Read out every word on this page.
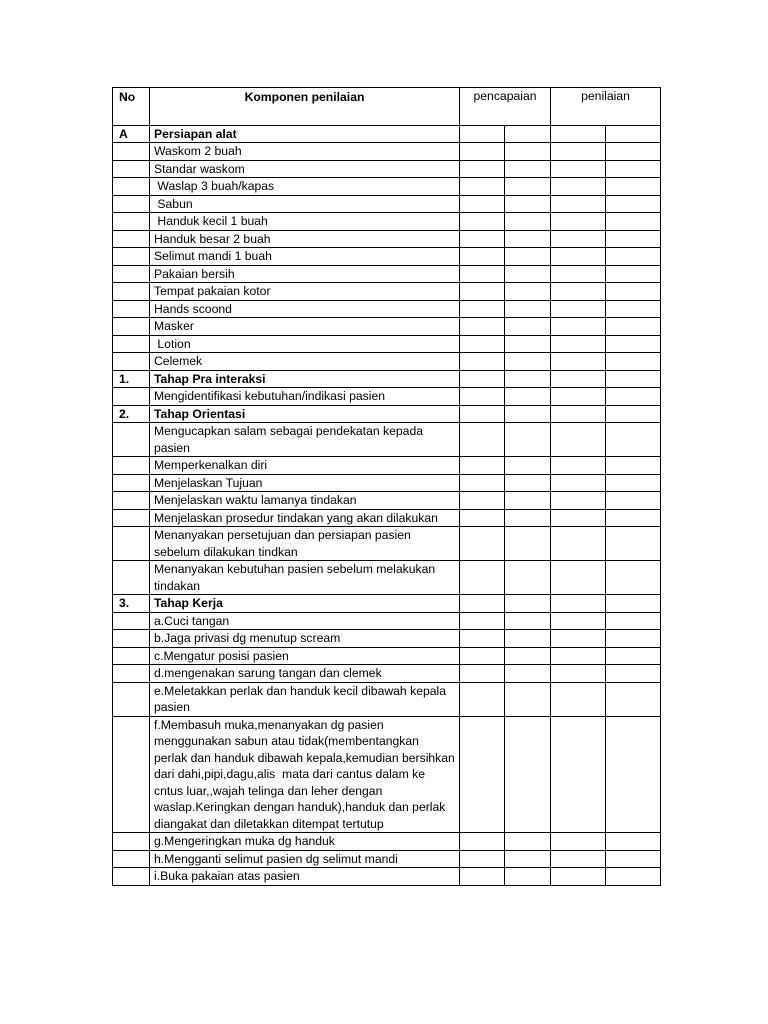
No	Komponen penilaian	pencapaian		penilaian	
A	Persiapan alat				
	Waskom 2 buah				
	Standar waskom				
	Waslap 3 buah/kapas				
	Sabun				
	Handuk kecil 1 buah				
	Handuk besar 2 buah				
	Selimut mandi 1 buah				
	Pakaian bersih				
	Tempat pakaian kotor				
	Hands scoond				
	Masker				
	Lotion				
	Celemek				
1.	Tahap Pra interaksi				
	Mengidentifikasi kebutuhan/indikasi pasien				
2.	Tahap Orientasi				
	Mengucapkan salam sebagai pendekatan kepada pasien				
	Memperkenalkan diri				
	Menjelaskan Tujuan				
	Menjelaskan waktu lamanya tindakan				
	Menjelaskan prosedur tindakan yang akan dilakukan				
	Menanyakan persetujuan dan persiapan pasien sebelum dilakukan tindkan				
	Menanyakan kebutuhan pasien sebelum melakukan tindakan				
3.	Tahap Kerja				
	a.Cuci tangan				
	b.Jaga privasi dg menutup scream				
	c.Mengatur posisi pasien				
	d.mengenakan sarung tangan dan clemek				
	e.Meletakkan perlak dan handuk kecil dibawah kepala pasien				
	f.Membasuh muka,menanyakan dg pasien menggunakan sabun atau tidak(membentangkan perlak dan handuk dibawah kepala,kemudian bersihkan dari dahi,pipi,dagu,alis  mata dari cantus dalam ke cntus luar,,wajah telinga dan leher dengan waslap.Keringkan dengan handuk),handuk dan perlak diangakat dan diletakkan ditempat tertutup				
	g.Mengeringkan muka dg handuk				
	h.Mengganti selimut pasien dg selimut mandi				
	i.Buka pakaian atas pasien				
